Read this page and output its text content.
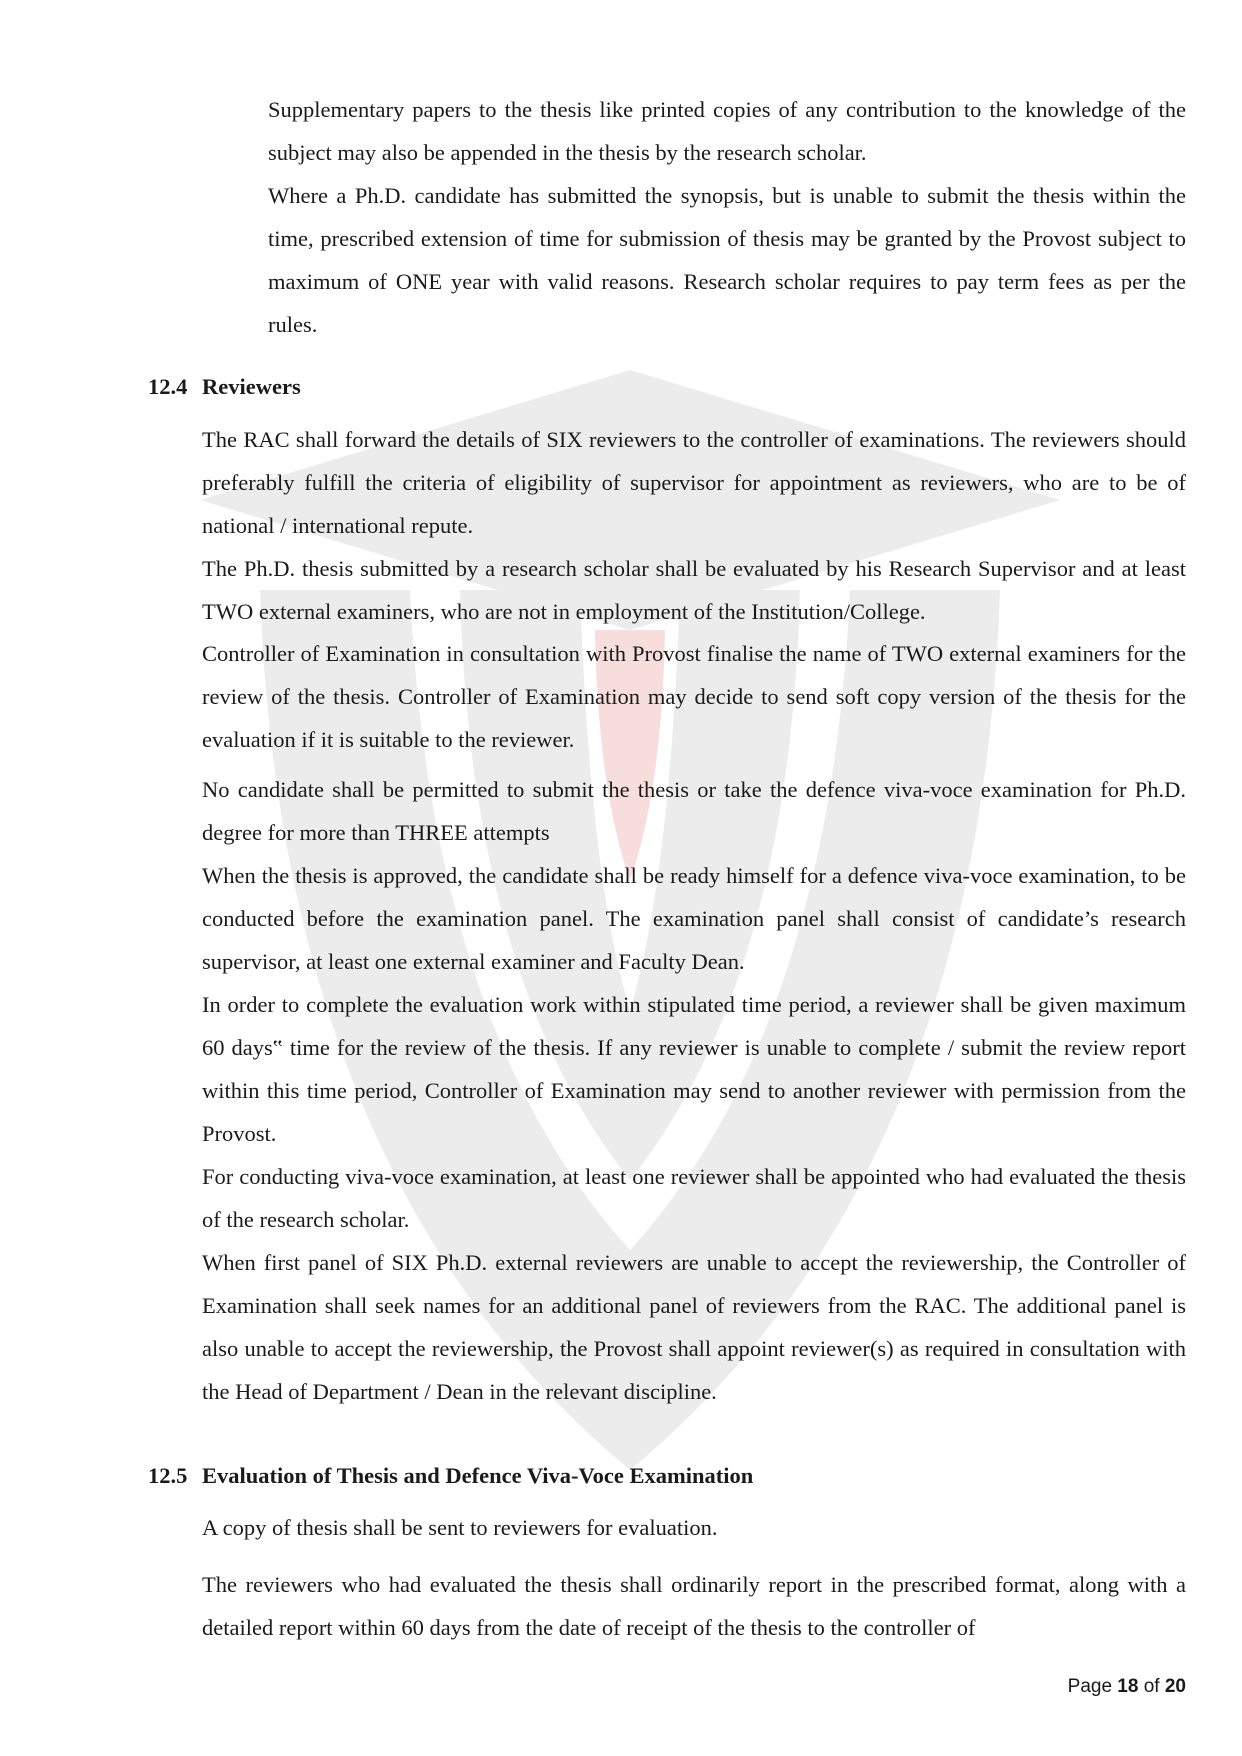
Supplementary papers to the thesis like printed copies of any contribution to the knowledge of the subject may also be appended in the thesis by the research scholar.

Where a Ph.D. candidate has submitted the synopsis, but is unable to submit the thesis within the time, prescribed extension of time for submission of thesis may be granted by the Provost subject to maximum of ONE year with valid reasons. Research scholar requires to pay term fees as per the rules.

12.4 Reviewers

The RAC shall forward the details of SIX reviewers to the controller of examinations. The reviewers should preferably fulfill the criteria of eligibility of supervisor for appointment as reviewers, who are to be of national / international repute.

The Ph.D. thesis submitted by a research scholar shall be evaluated by his Research Supervisor and at least TWO external examiners, who are not in employment of the Institution/College.

Controller of Examination in consultation with Provost finalise the name of TWO external examiners for the review of the thesis. Controller of Examination may decide to send soft copy version of the thesis for the evaluation if it is suitable to the reviewer.

No candidate shall be permitted to submit the thesis or take the defence viva-voce examination for Ph.D. degree for more than THREE attempts

When the thesis is approved, the candidate shall be ready himself for a defence viva-voce examination, to be conducted before the examination panel. The examination panel shall consist of candidate’s research supervisor, at least one external examiner and Faculty Dean.

In order to complete the evaluation work within stipulated time period, a reviewer shall be given maximum 60 days‟ time for the review of the thesis. If any reviewer is unable to complete / submit the review report within this time period, Controller of Examination may send to another reviewer with permission from the Provost.

For conducting viva-voce examination, at least one reviewer shall be appointed who had evaluated the thesis of the research scholar.

When first panel of SIX Ph.D. external reviewers are unable to accept the reviewership, the Controller of Examination shall seek names for an additional panel of reviewers from the RAC. The additional panel is also unable to accept the reviewership, the Provost shall appoint reviewer(s) as required in consultation with the Head of Department / Dean in the relevant discipline.

12.5 Evaluation of Thesis and Defence Viva-Voce Examination

A copy of thesis shall be sent to reviewers for evaluation.

The reviewers who had evaluated the thesis shall ordinarily report in the prescribed format, along with a detailed report within 60 days from the date of receipt of the thesis to the controller of

Page 18 of 20
